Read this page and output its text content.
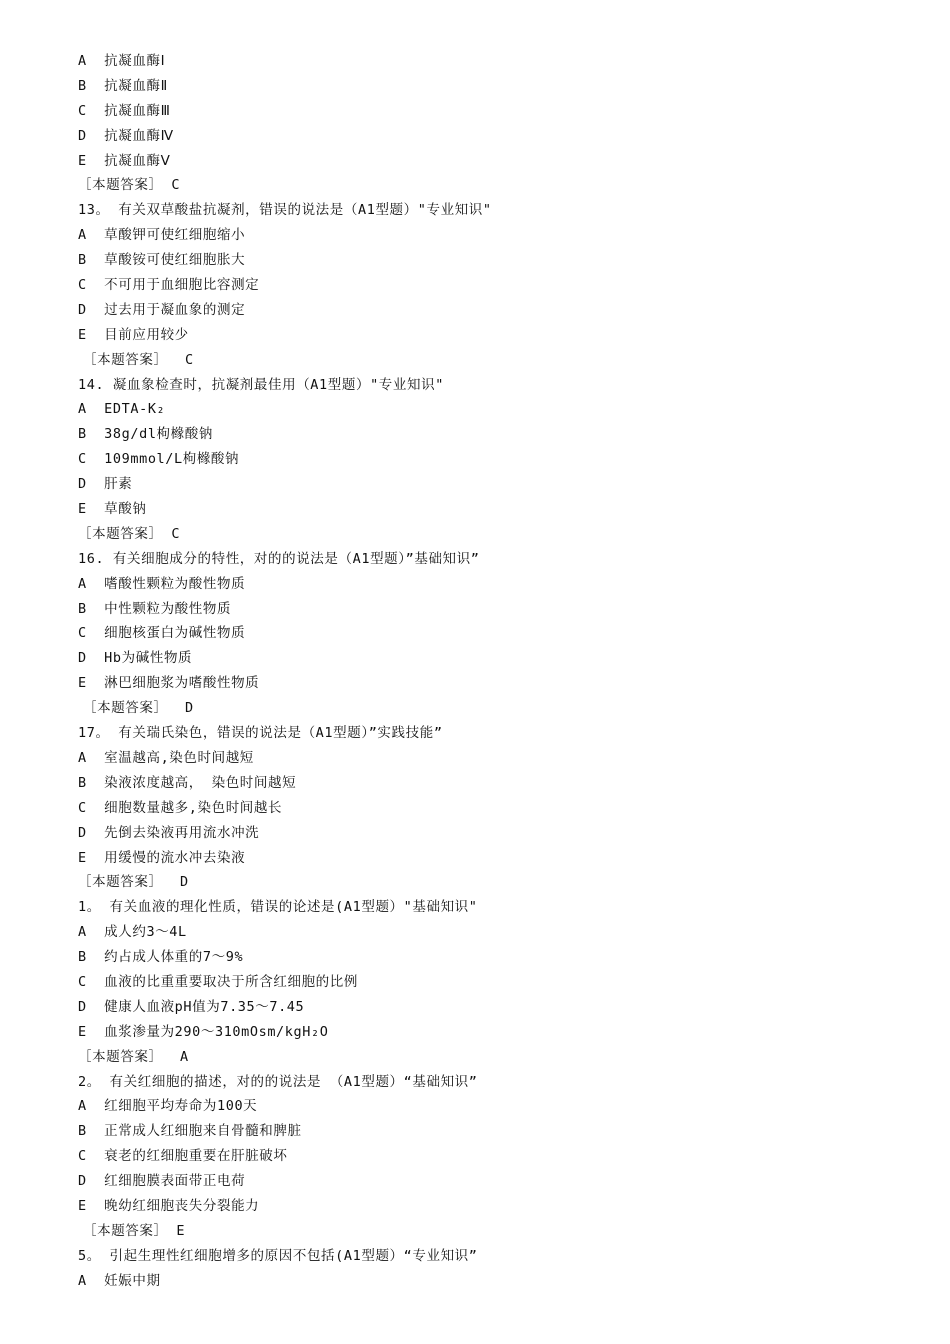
A  抗凝血酶Ⅰ
B  抗凝血酶Ⅱ
C  抗凝血酶Ⅲ
D  抗凝血酶Ⅳ
E  抗凝血酶Ⅴ
［本题答案］ C
13。 有关双草酸盐抗凝剂，错误的说法是（A1型题）"专业知识"
A  草酸钾可使红细胞缩小
B  草酸铵可使红细胞胀大
C  不可用于血细胞比容测定
D  过去用于凝血象的测定
E  目前应用较少
［本题答案］  C
14. 凝血象检查时，抗凝剂最佳用（A1型题）"专业知识"
A  EDTA-K₂
B  38g/dl枸橼酸钠
C  109mmol/L枸橼酸钠
D  肝素
E  草酸钠
［本题答案］ C
16. 有关细胞成分的特性，对的的说法是（A1型题）”基础知识”
A  嗜酸性颗粒为酸性物质
B  中性颗粒为酸性物质
C  细胞核蛋白为碱性物质
D  Hb为碱性物质
E  淋巴细胞浆为嗜酸性物质
［本题答案］  D
17。 有关瑞氏染色，错误的说法是（A1型题）”实践技能”
A  室温越高,染色时间越短
B  染液浓度越高， 染色时间越短
C  细胞数量越多,染色时间越长
D  先倒去染液再用流水冲洗
E  用缓慢的流水冲去染液
［本题答案］  D
1。 有关血液的理化性质，错误的论述是(A1型题）"基础知识"
A  成人约3～4L
B  约占成人体重的7～9%
C  血液的比重重要取决于所含红细胞的比例
D  健康人血液pH值为7.35～7.45
E  血浆渗量为290～310mOsm/kgH₂O
［本题答案］  A
2。 有关红细胞的描述，对的的说法是 （A1型题）“基础知识”
A  红细胞平均寿命为100天
B  正常成人红细胞来自骨髓和脾脏
C  衰老的红细胞重要在肝脏破坏
D  红细胞膜表面带正电荷
E  晚幼红细胞丧失分裂能力
［本题答案］ E
5。 引起生理性红细胞增多的原因不包括(A1型题）“专业知识”
A  妊娠中期
